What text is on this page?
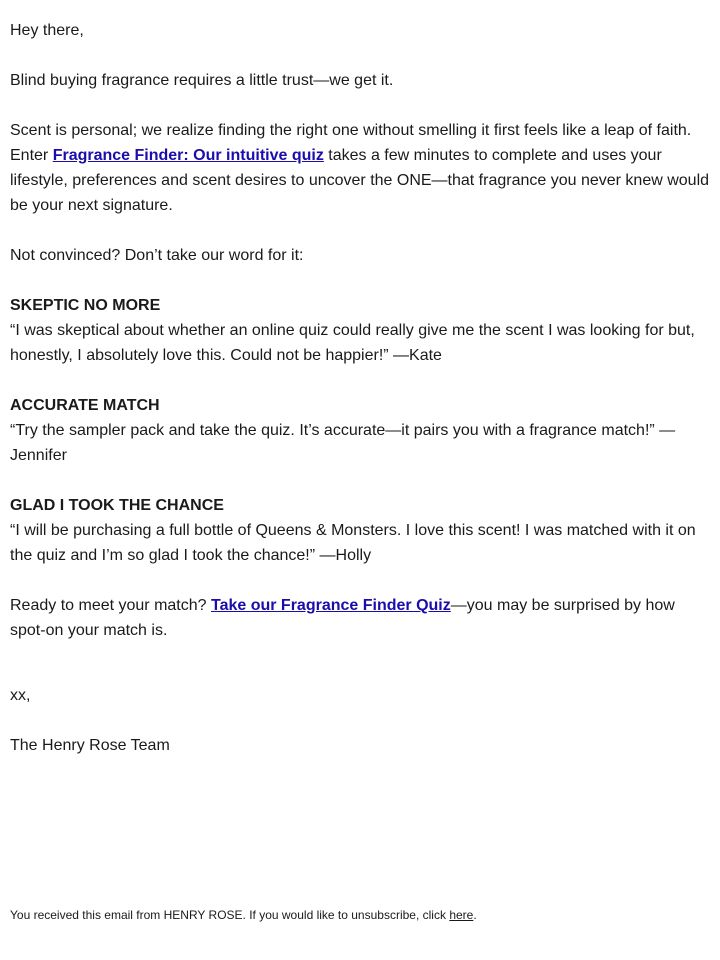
Hey there,

Blind buying fragrance requires a little trust—we get it.

Scent is personal; we realize finding the right one without smelling it first feels like a leap of faith. Enter Fragrance Finder: Our intuitive quiz takes a few minutes to complete and uses your lifestyle, preferences and scent desires to uncover the ONE—that fragrance you never knew would be your next signature.

Not convinced? Don’t take our word for it:

SKEPTIC NO MORE

“I was skeptical about whether an online quiz could really give me the scent I was looking for but, honestly, I absolutely love this. Could not be happier!” —Kate

ACCURATE MATCH

“Try the sampler pack and take the quiz. It’s accurate—it pairs you with a fragrance match!” —Jennifer

GLAD I TOOK THE CHANCE

“I will be purchasing a full bottle of Queens & Monsters. I love this scent! I was matched with it on the quiz and I’m so glad I took the chance!” —Holly

Ready to meet your match? Take our Fragrance Finder Quiz—you may be surprised by how spot-on your match is.

xx,

The Henry Rose Team

You received this email from HENRY ROSE. If you would like to unsubscribe, click here.
